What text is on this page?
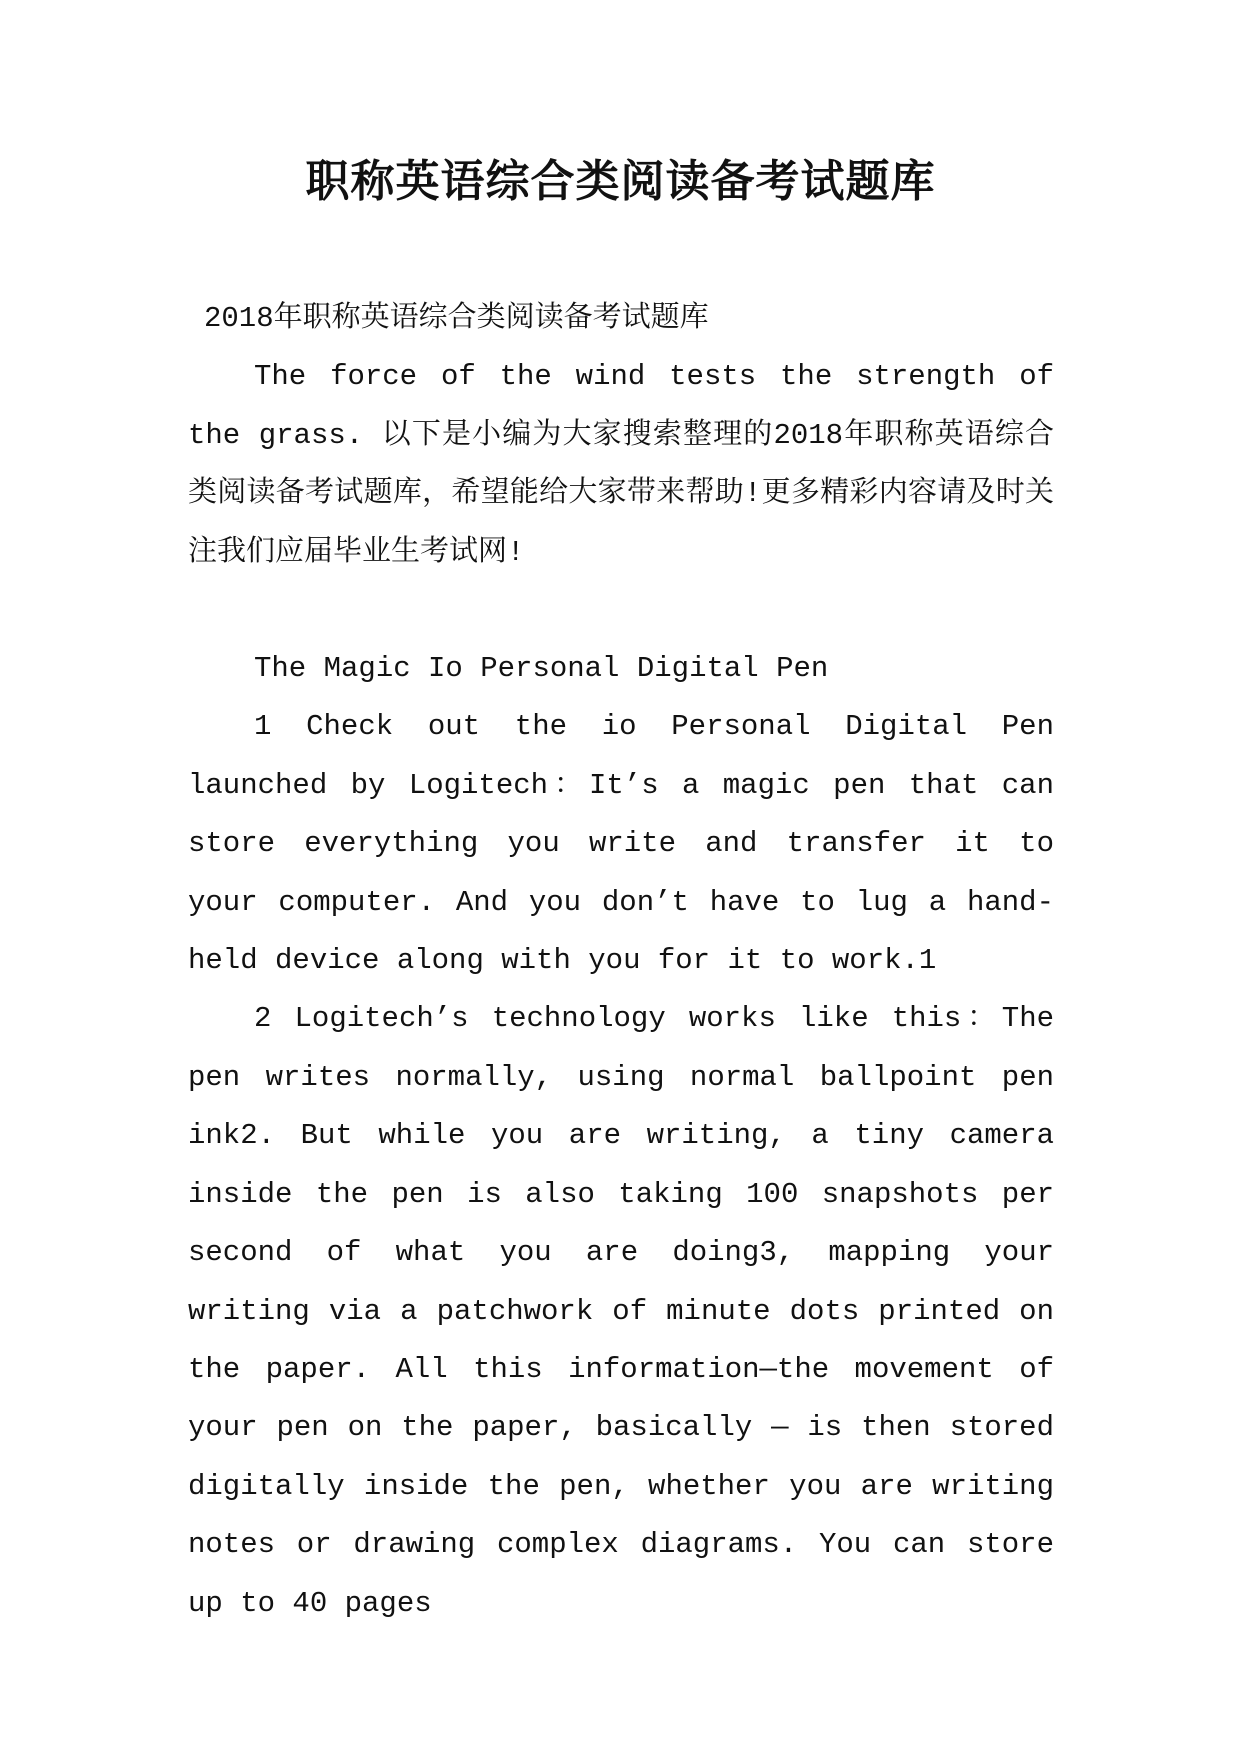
职称英语综合类阅读备考试题库

2018年职称英语综合类阅读备考试题库

The force of the wind tests the strength of the grass. 以下是小编为大家搜索整理的2018年职称英语综合类阅读备考试题库，希望能给大家带来帮助!更多精彩内容请及时关注我们应届毕业生考试网!

The Magic Io Personal Digital Pen

1 Check out the io Personal Digital Pen launched by Logitech：It’s a magic pen that can store everything you write and transfer it to your computer. And you don’t have to lug a hand-held device along with you for it to work.1

2 Logitech’s technology works like this：The pen writes normally, using normal ballpoint pen ink2. But while you are writing, a tiny camera inside the pen is also taking 100 snapshots per second of what you are doing3, mapping your writing via a patchwork of minute dots printed on the paper. All this information—the movement of your pen on the paper, basically — is then stored digitally inside the pen, whether you are writing notes or drawing complex diagrams. You can store up to 40 pages
